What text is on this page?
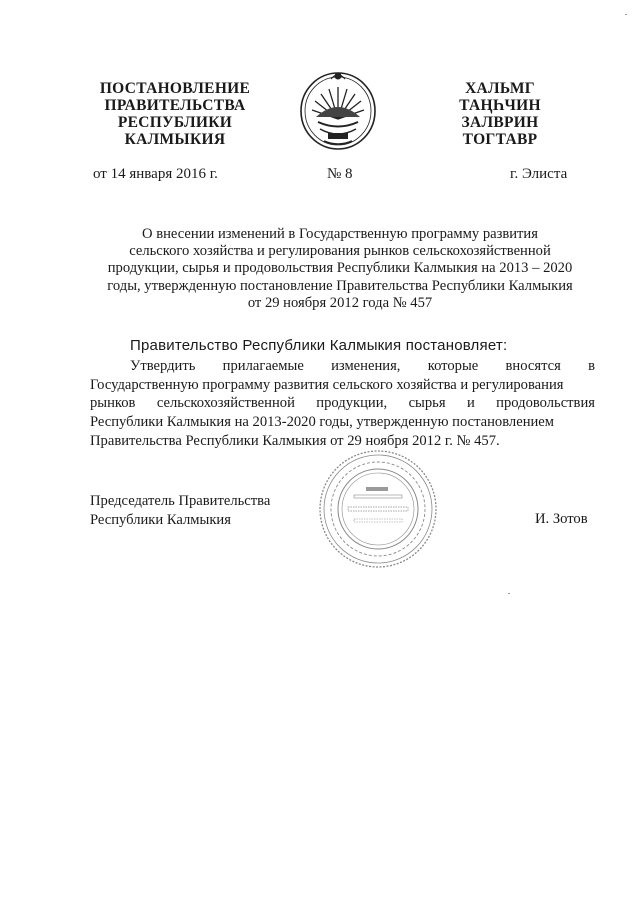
ПОСТАНОВЛЕНИЕ
ПРАВИТЕЛЬСТВА
РЕСПУБЛИКИ
КАЛМЫКИЯ
ХАЛЬМГ
ТАҢҺЧИН
ЗАЛВРИН
ТОГТАВР
от 14 января 2016 г.	№ 8	г. Элиста
О внесении изменений в Государственную программу развития
сельского хозяйства и регулирования рынков сельскохозяйственной
продукции, сырья и продовольствия Республики Калмыкия на 2013 – 2020
годы, утвержденную постановление Правительства Республики Калмыкия
от 29 ноября 2012 года № 457
Правительство Республики Калмыкия постановляет:
Утвердить прилагаемые изменения, которые вносятся в
Государственную программу развития сельского хозяйства и регулирования
рынков сельскохозяйственной продукции, сырья и продовольствия
Республики Калмыкия на 2013-2020 годы, утвержденную постановлением
Правительства Республики Калмыкия от 29 ноября 2012 г. № 457.
Председатель Правительства
Республики Калмыкия	И. Зотов
